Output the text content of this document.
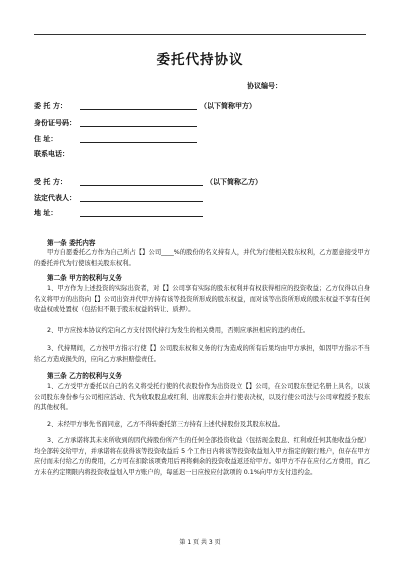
委托代持协议
协议编号：
委 托 方：	（以下简称甲方）
身份证号码：
住 址：
联系电话：
受 托 方：	（以下简称乙方）
法定代表人：
地 址：
第一条 委托内容
甲方自愿委托乙方作为自己所占【】公司____%的股份的名义持有人，并代为行使相关股东权利，乙方愿意接受甲方的委托并代为行使该相关股东权利。
第二条 甲方的权利与义务
1、甲方作为上述投资的实际出资者，对【】公司享有实际的股东权利并有权获得相应的投资收益；乙方仅得以自身名义将甲方的出资向【】公司出资并代甲方持有该等投资所形成的股东权益，而对该等出资所形成的股东权益不享有任何收益权或处置权（包括但不限于股东权益的转让、质押）。
2、甲方应按本协议约定向乙方支付因代持行为发生的相关费用，否则应承担相应的违约责任。
3、代持期间，乙方按甲方指示行使【】公司股东权和义务的行为造成的所有后果均由甲方承担，如因甲方指示不当给乙方造成损失的，应向乙方承担赔偿责任。
第三条 乙方的权利与义务
1、乙方受甲方委托以自己的名义将受托行使的代表股份作为出资设立【】公司，在公司股东登记名册上具名，以该公司股东身份参与公司相应活动、代为收取股息或红利、出席股东会并行使表决权，以及行使公司法与公司章程授予股东的其他权利。
2、未经甲方事先书面同意，乙方不得转委托第三方持有上述代持股份及其股东权益。
3、乙方承诺将其未来所收到的因代持股份所产生的任何全部投资收益（包括现金股息、红利或任何其他收益分配）均全部转交给甲方，并承诺将在获得该等投资收益后 5 个工作日内将该等投资收益划入甲方指定的银行账户，但存在甲方应付而未付给乙方的费用，乙方可在扣除该项费用后再将剩余的投资收益返还给甲方。如甲方不存在应付乙方费用，而乙方未在约定期限内将投资收益划入甲方账户的，每延迟一日应按应付款项的 0.1%向甲方支付违约金。
第 1 页 共 3 页
